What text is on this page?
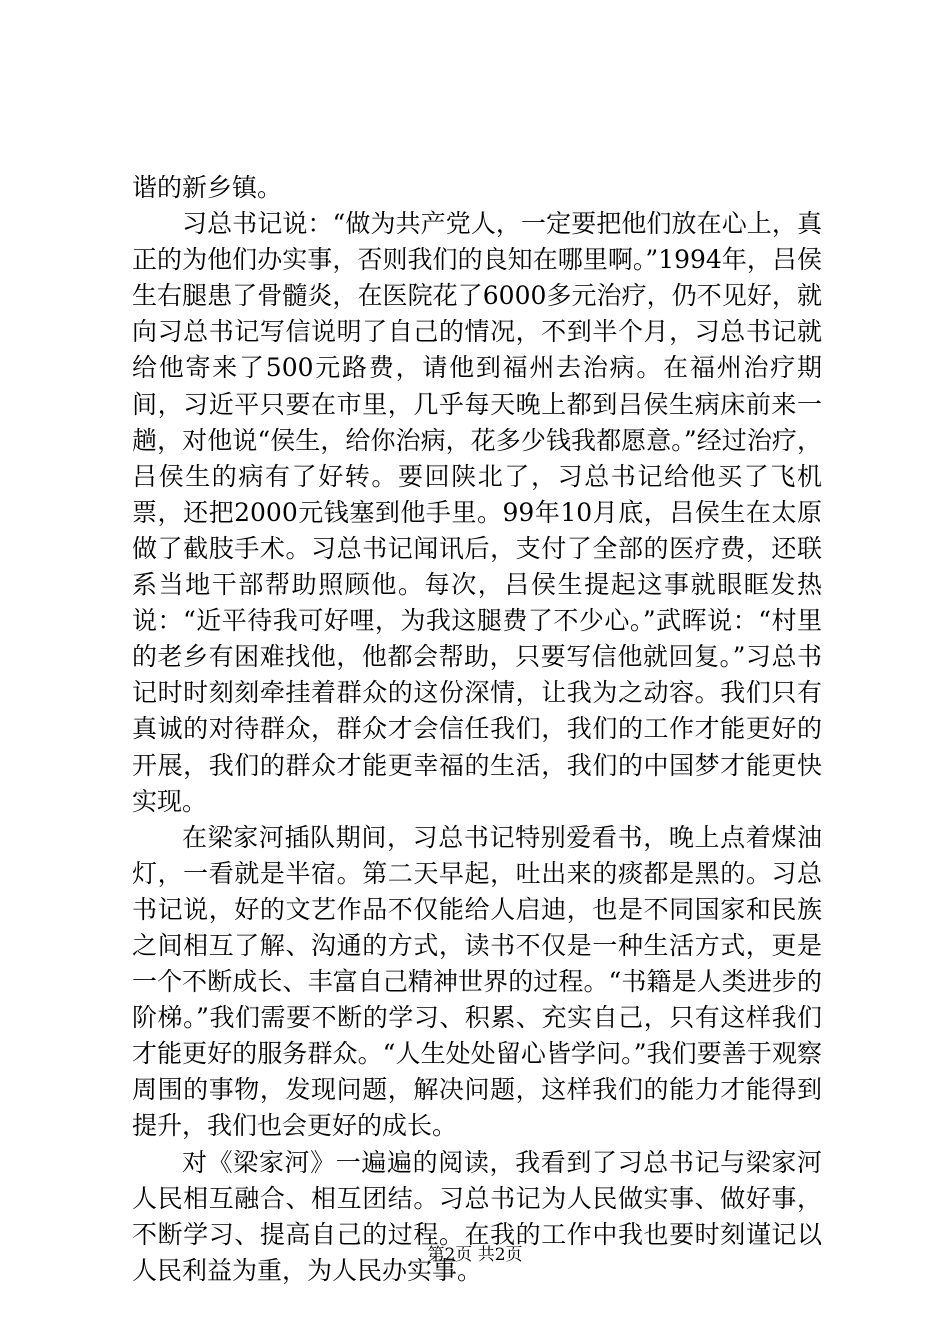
谐的新乡镇。

习总书记说：“做为共产党人，一定要把他们放在心上，真正的为他们办实事，否则我们的良知在哪里啊。”1994年，吕侯生右腿患了骨髓炎，在医院花了6000多元治疗，仍不见好，就向习总书记写信说明了自己的情况，不到半个月，习总书记就给他寄来了500元路费，请他到福州去治病。在福州治疗期间，习近平只要在市里，几乎每天晚上都到吕侯生病床前来一趟，对他说“侯生，给你治病，花多少钱我都愿意。”经过治疗，吕侯生的病有了好转。要回陕北了，习总书记给他买了飞机票，还把2000元钱塞到他手里。99年10月底，吕侯生在太原做了截肢手术。习总书记闻讯后，支付了全部的医疗费，还联系当地干部帮助照顾他。每次，吕侯生提起这事就眼眶发热说：“近平待我可好哩，为我这腿费了不少心。”武晖说：“村里的老乡有困难找他，他都会帮助，只要写信他就回复。”习总书记时时刻刻牵挂着群众的这份深情，让我为之动容。我们只有真诚的对待群众，群众才会信任我们，我们的工作才能更好的开展，我们的群众才能更幸福的生活，我们的中国梦才能更快实现。

在梁家河插队期间，习总书记特别爱看书，晚上点着煤油灯，一看就是半宿。第二天早起，吐出来的痰都是黑的。习总书记说，好的文艺作品不仅能给人启迪，也是不同国家和民族之间相互了解、沟通的方式，读书不仅是一种生活方式，更是一个不断成长、丰富自己精神世界的过程。“书籍是人类进步的阶梯。”我们需要不断的学习、积累、充实自己，只有这样我们才能更好的服务群众。“人生处处留心皆学问。”我们要善于观察周围的事物，发现问题，解决问题，这样我们的能力才能得到提升，我们也会更好的成长。

对《梁家河》一遍遍的阅读，我看到了习总书记与梁家河人民相互融合、相互团结。习总书记为人民做实事、做好事，不断学习、提高自己的过程。在我的工作中我也要时刻谨记以人民利益为重，为人民办实事。

第2页 共2页
